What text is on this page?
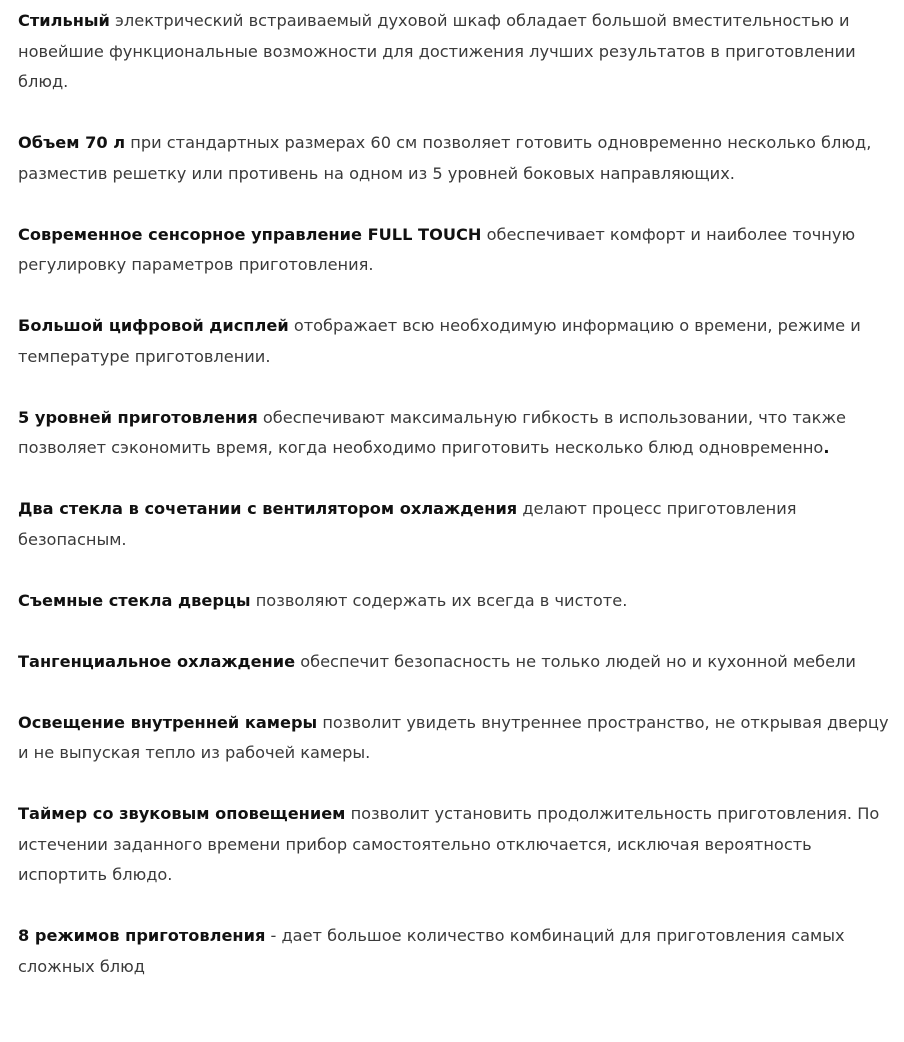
Стильный электрический встраиваемый духовой шкаф обладает большой вместительностью и новейшие функциональные возможности для достижения лучших результатов в приготовлении блюд.

Объем 70 л при стандартных размерах 60 см позволяет готовить одновременно несколько блюд, разместив решетку или противень на одном из 5 уровней боковых направляющих.

Современное сенсорное управление FULL TOUCH обеспечивает комфорт и наиболее точную регулировку параметров приготовления.

Большой цифровой дисплей отображает всю необходимую информацию о времени, режиме и температуре приготовлении.

5 уровней приготовления обеспечивают максимальную гибкость в использовании, что также позволяет сэкономить время, когда необходимо приготовить несколько блюд одновременно.

Два стекла в сочетании с вентилятором охлаждения делают процесс приготовления безопасным.

Съемные стекла дверцы позволяют содержать их всегда в чистоте.

Тангенциальное охлаждение обеспечит безопасность не только людей но и кухонной мебели

Освещение внутренней камеры позволит увидеть внутреннее пространство, не открывая дверцу и не выпуская тепло из рабочей камеры.

Таймер со звуковым оповещением позволит установить продолжительность приготовления. По истечении заданного времени прибор самостоятельно отключается, исключая вероятность испортить блюдо.

8 режимов приготовления - дает большое количество комбинаций для приготовления самых сложных блюд
